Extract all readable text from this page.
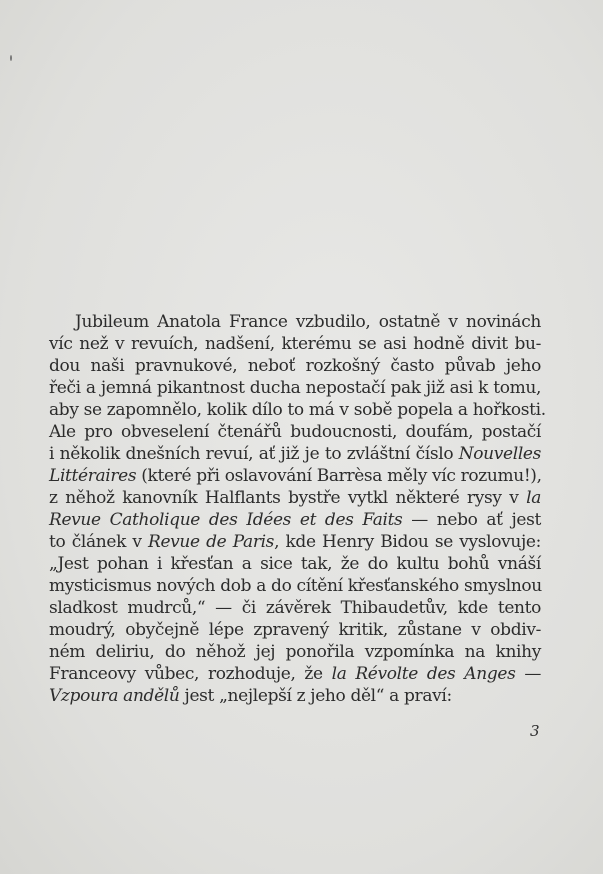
Jubileum Anatola France vzbudilo, ostatně v novinách
víc než v revuích, nadšení, kterému se asi hodně divit bu-
dou naši pravnukové, neboť rozkošný často půvab jeho
řeči a jemná pikantnost ducha nepostačí pak již asi k tomu,
aby se zapomnělo, kolik dílo to má v sobě popela a hořkosti.
Ale pro obveselení čtenářů budoucnosti, doufám, postačí
i několik dnešních revuí, ať již je to zvláštní číslo Nouvelles
Littéraires (které při oslavování Barrèsa měly víc rozumu!),
z něhož kanovník Halflants bystře vytkl některé rysy v la
Revue Catholique des Idées et des Faits — nebo ať jest
to článek v Revue de Paris, kde Henry Bidou se vyslovuje:
„Jest pohan i křesťan a sice tak, že do kultu bohů vnáší
mysticismus nových dob a do cítění křesťanského smyslnou
sladkost mudrců,“ — či závěrek Thibaudetův, kde tento
moudrý, obyčejně lépe zpravený kritik, zůstane v obdiv-
ném deliriu, do něhož jej ponořila vzpomínka na knihy
Franceovy vůbec, rozhoduje, že la Révolte des Anges —
Vzpoura andělů jest „nejlepší z jeho děl“ a praví:
3
